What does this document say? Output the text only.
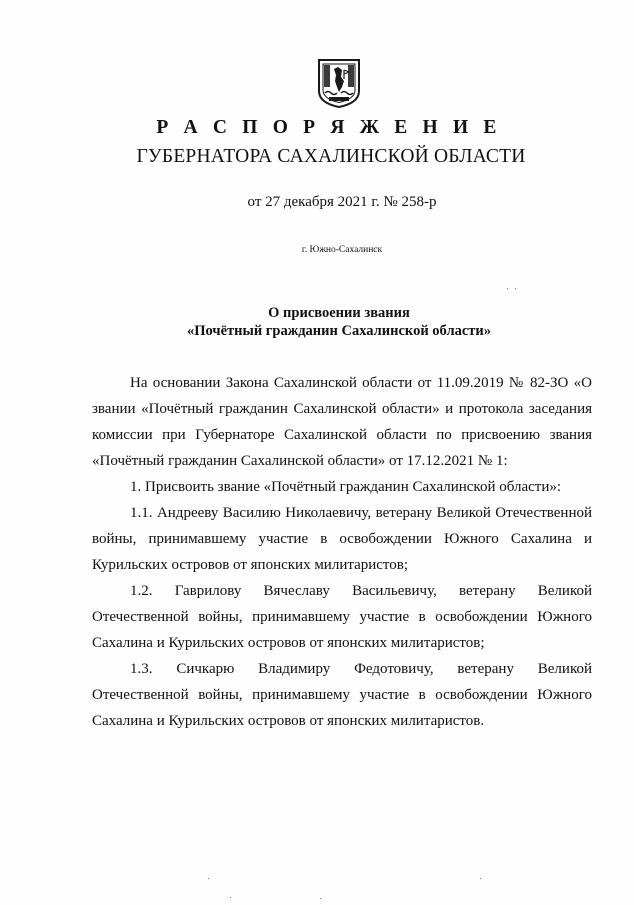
Р А С П О Р Я Ж Е Н И Е
ГУБЕРНАТОРА САХАЛИНСКОЙ ОБЛАСТИ
от 27 декабря 2021 г. № 258-р
г. Южно-Сахалинск
О присвоении звания
«Почётный гражданин Сахалинской области»

На основании Закона Сахалинской области от 11.09.2019 № 82-ЗО «О звании «Почётный гражданин Сахалинской области» и протокола заседания комиссии при Губернаторе Сахалинской области по присвоению звания «Почётный гражданин Сахалинской области» от 17.12.2021 № 1:

1. Присвоить звание «Почётный гражданин Сахалинской области»:

1.1. Андрееву Василию Николаевичу, ветерану Великой Отечественной войны, принимавшему участие в освобождении Южного Сахалина и Курильских островов от японских милитаристов;

1.2. Гаврилову Вячеславу Васильевичу, ветерану Великой Отечественной войны, принимавшему участие в освобождении Южного Сахалина и Курильских островов от японских милитаристов;

1.3. Сичкарю Владимиру Федотовичу, ветерану Великой Отечественной войны, принимавшему участие в освобождении Южного Сахалина и Курильских островов от японских милитаристов.
